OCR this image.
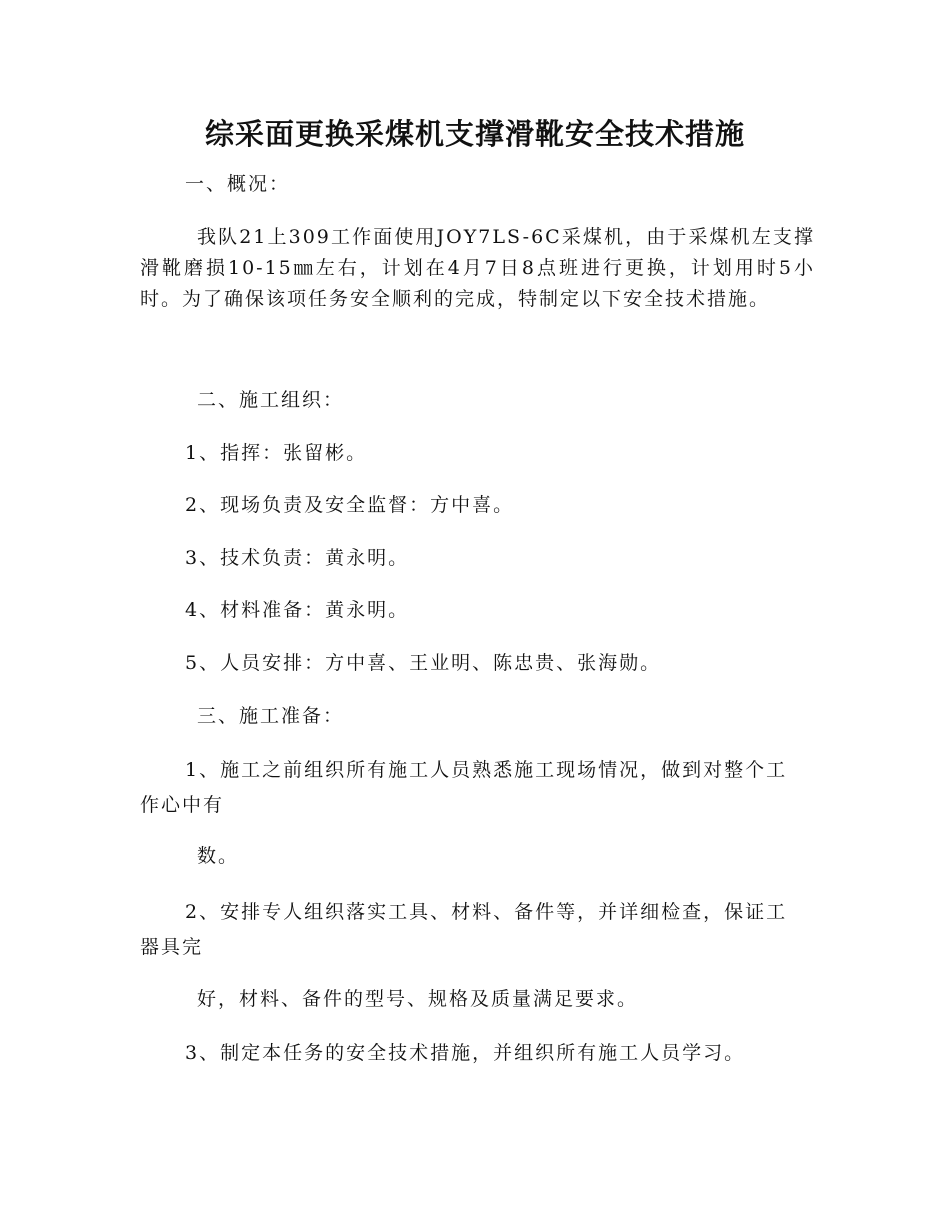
综采面更换采煤机支撑滑靴安全技术措施

一、概况：

我队21上309工作面使用JOY7LS-6C采煤机，由于采煤机左支撑滑靴磨损10-15㎜左右，计划在4月7日8点班进行更换，计划用时5小时。为了确保该项任务安全顺利的完成，特制定以下安全技术措施。

二、施工组织：

1、指挥：张留彬。

2、现场负责及安全监督：方中喜。

3、技术负责：黄永明。

4、材料准备：黄永明。

5、人员安排：方中喜、王业明、陈忠贵、张海勋。

三、施工准备：

1、施工之前组织所有施工人员熟悉施工现场情况，做到对整个工

作心中有

数。

2、安排专人组织落实工具、材料、备件等，并详细检查，保证工

器具完

好，材料、备件的型号、规格及质量满足要求。

3、制定本任务的安全技术措施，并组织所有施工人员学习。
